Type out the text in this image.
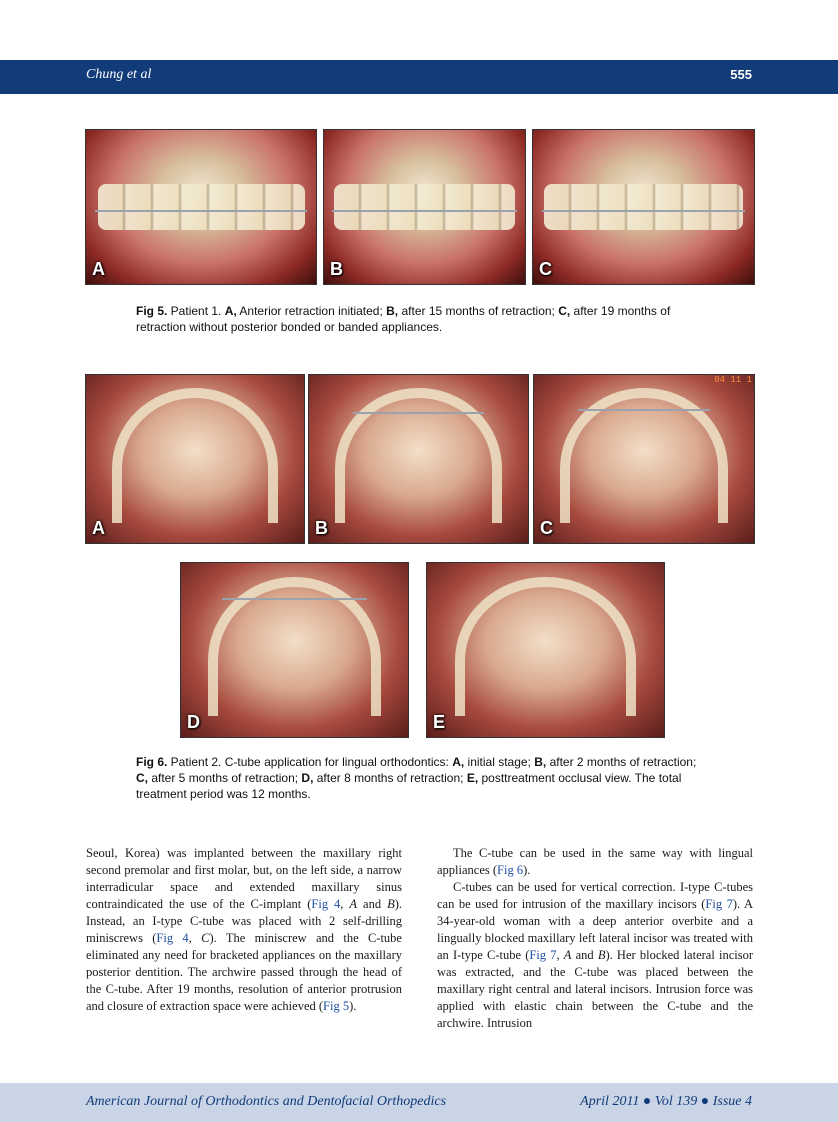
Chung et al	555
A	B	C
Fig 5. Patient 1. A, Anterior retraction initiated; B, after 15 months of retraction; C, after 19 months of retraction without posterior bonded or banded appliances.
A	B
04 11 1
C
D	E
Fig 6. Patient 2. C-tube application for lingual orthodontics: A, initial stage; B, after 2 months of retraction; C, after 5 months of retraction; D, after 8 months of retraction; E, posttreatment occlusal view. The total treatment period was 12 months.

Seoul, Korea) was implanted between the maxillary right second premolar and first molar, but, on the left side, a narrow interradicular space and extended maxillary sinus contraindicated the use of the C-implant (Fig 4, A and B). Instead, an I-type C-tube was placed with 2 self-drilling miniscrews (Fig 4, C). The miniscrew and the C-tube eliminated any need for bracketed appliances on the maxillary posterior dentition. The archwire passed through the head of the C-tube. After 19 months, resolution of anterior protrusion and closure of extraction space were achieved (Fig 5).

The C-tube can be used in the same way with lingual appliances (Fig 6).

C-tubes can be used for vertical correction. I-type C-tubes can be used for intrusion of the maxillary incisors (Fig 7). A 34-year-old woman with a deep anterior overbite and a lingually blocked maxillary left lateral incisor was treated with an I-type C-tube (Fig 7, A and B). Her blocked lateral incisor was extracted, and the C-tube was placed between the maxillary right central and lateral incisors. Intrusion force was applied with elastic chain between the C-tube and the archwire. Intrusion

American Journal of Orthodontics and Dentofacial Orthopedics	April 2011 ● Vol 139 ● Issue 4
